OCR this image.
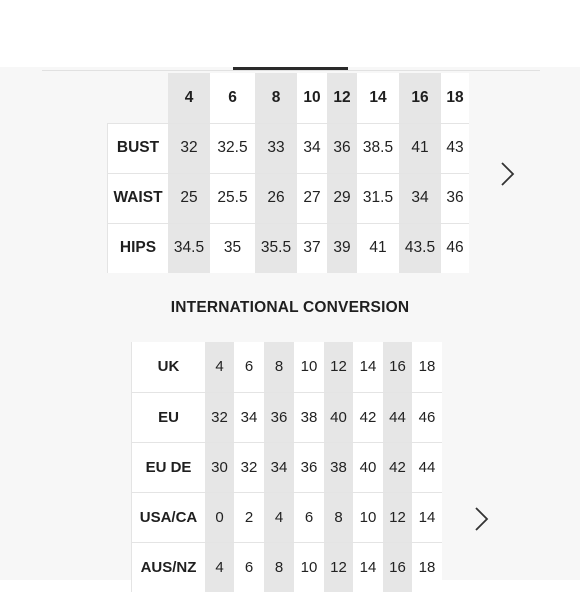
	4	6	8	10	12	14	16	18
BUST	32	32.5	33	34	36	38.5	41	43
WAIST	25	25.5	26	27	29	31.5	34	36
HIPS	34.5	35	35.5	37	39	41	43.5	46
INTERNATIONAL CONVERSION
UK	4	6	8	10	12	14	16	18
EU	32	34	36	38	40	42	44	46
EU DE	30	32	34	36	38	40	42	44
USA/CA	0	2	4	6	8	10	12	14
AUS/NZ	4	6	8	10	12	14	16	18
